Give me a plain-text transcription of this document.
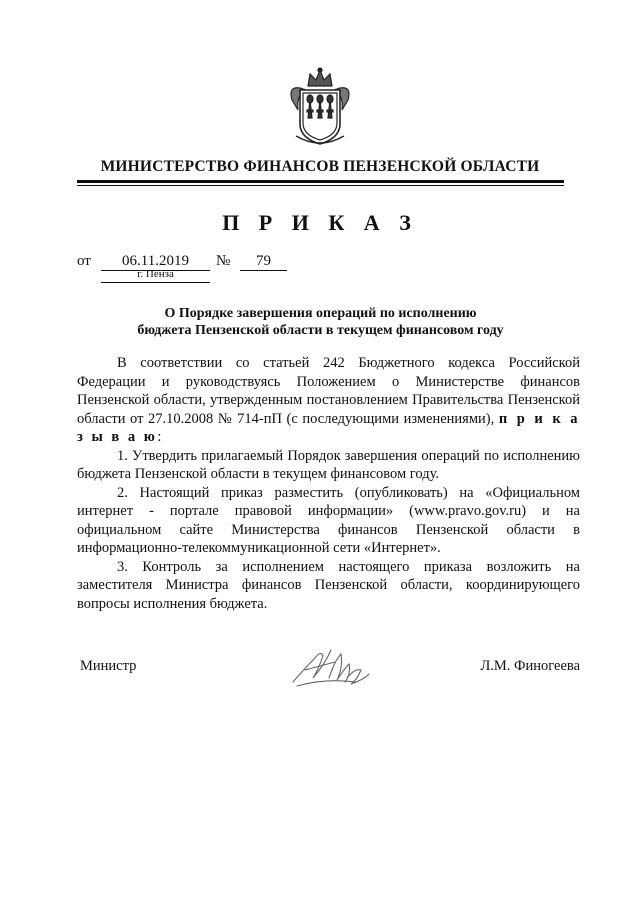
МИНИСТЕРСТВО ФИНАНСОВ ПЕНЗЕНСКОЙ ОБЛАСТИ
П Р И К А З
от	06.11.2019	№	79
г. Пенза
О Порядке завершения операций по исполнению
бюджета Пензенской области в текущем финансовом году

В соответствии со статьей 242 Бюджетного кодекса Российской Федерации и руководствуясь Положением о Министерстве финансов Пензенской области, утвержденным постановлением Правительства Пензенской области от 27.10.2008 № 714-пП (с последующими изменениями), п р и к а з ы в а ю:

1. Утвердить прилагаемый Порядок завершения операций по исполнению бюджета Пензенской области в текущем финансовом году.

2. Настоящий приказ разместить (опубликовать) на «Официальном интернет - портале правовой информации» (www.pravo.gov.ru) и на официальном сайте Министерства финансов Пензенской области в информационно-телекоммуникационной сети «Интернет».

3. Контроль за исполнением настоящего приказа возложить на заместителя Министра финансов Пензенской области, координирующего вопросы исполнения бюджета.

Министр	Л.М. Финогеева
